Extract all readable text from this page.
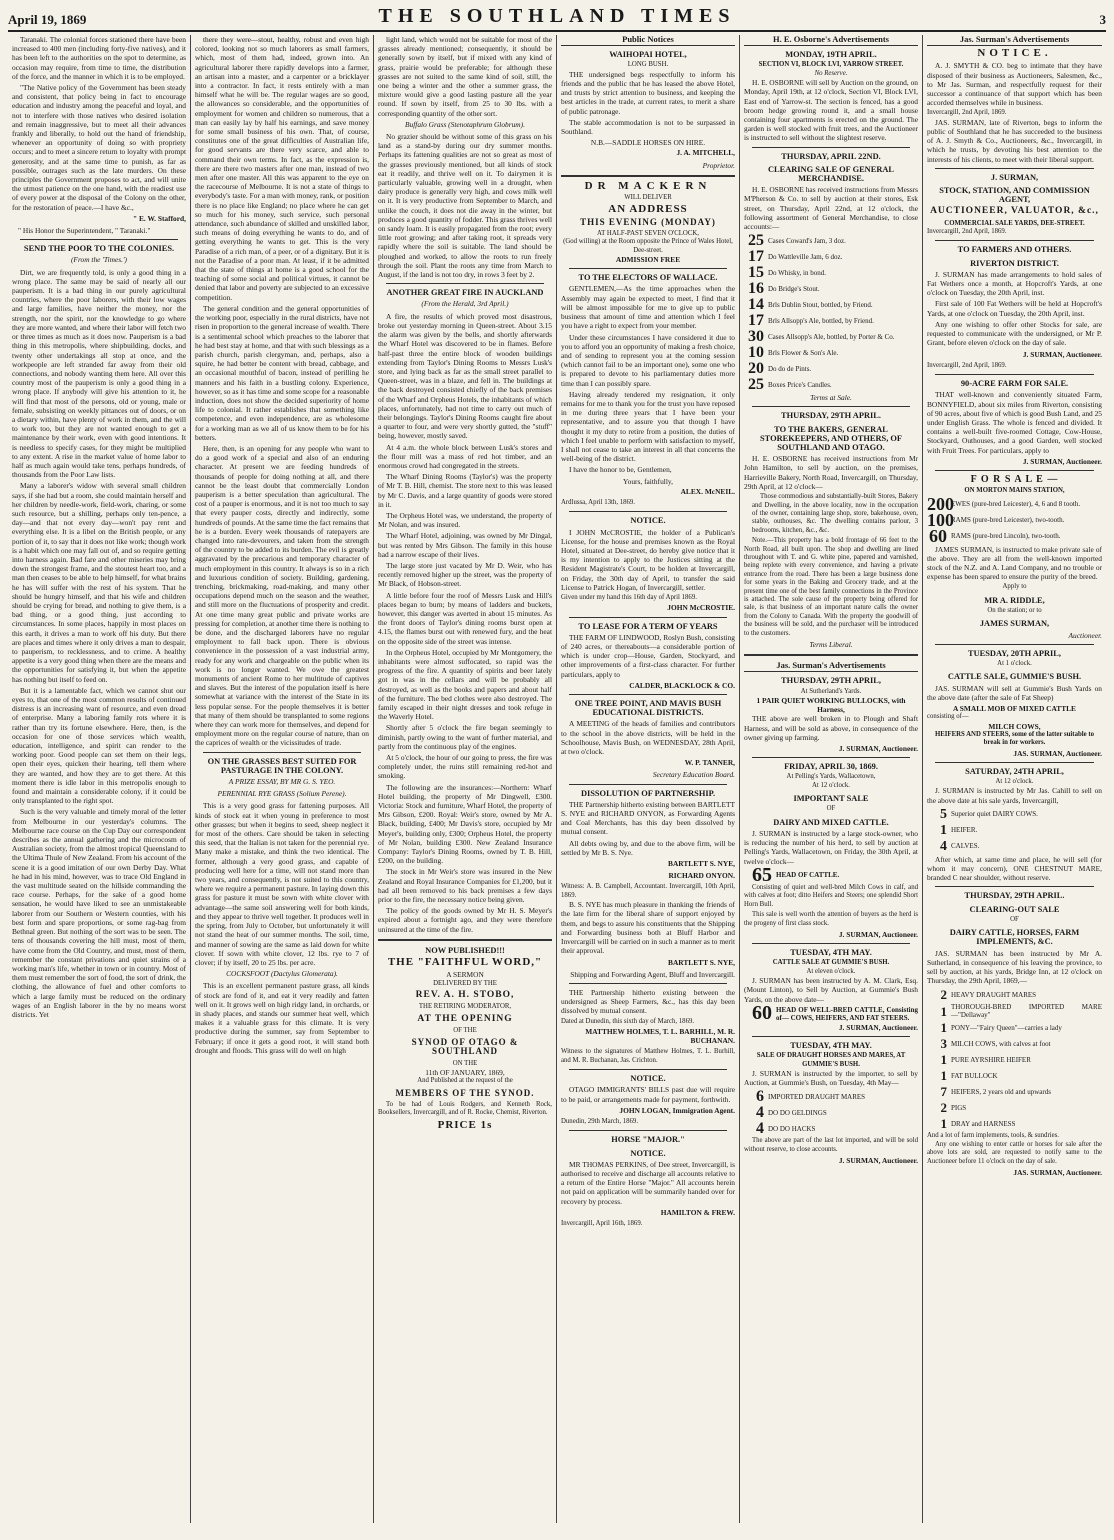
April 19, 1869	THE SOUTHLAND TIMES	3

Taranaki. The colonial forces stationed there have been increased to 400 men (including forty-five natives), and it has been left to the authorities on the spot to determine, as occasion may require, from time to time, the distribution of the force, and the manner in which it is to be employed.

"The Native policy of the Government has been steady and consistent, that policy being in fact to encourage education and industry among the peaceful and loyal, and not to interfere with those natives who desired isolation and remain inaggressive, but to meet all their advances frankly and liberally, to hold out the hand of friendship, whenever an opportunity of doing so with propriety occurs; and to meet a sincere return to loyalty with prompt generosity, and at the same time to punish, as far as possible, outrages such as the late murders. On these principles the Government proposes to act, and will unite the utmost patience on the one hand, with the readiest use of every power at the disposal of the Colony on the other, for the restoration of peace.—I have &c.,

" E. W. Stafford,
" His Honor the Superintendent, " Taranaki."
SEND THE POOR TO THE COLONIES.
(From the 'Times.')

Dirt, we are frequently told, is only a good thing in a wrong place. The same may be said of nearly all our pauperism. It is a bad thing in our purely agricultural countries, where the poor laborers, with their low wages and large families, have neither the money, nor the strength, nor the spirit, nor the knowledge to go where they are more wanted, and where their labor will fetch two or three times as much as it does now. Pauperism is a bad thing in this metropolis, where shipbuilding, docks, and twenty other undertakings all stop at once, and the workpeople are left stranded far away from their old connections, and nobody wanting them here. All over this country most of the pauperism is only a good thing in a wrong place. If anybody will give his attention to it, he will find that most of the persons, old or young, male or female, subsisting on weekly pittances out of doors, or on a dietary within, have plenty of work in them, and the will to work too, but they are not wanted enough to get a maintenance by their work, even with good intentions. It is needless to specify cases, for they might be multiplied to any extent. A rise in the market value of home labor to half as much again would take tens, perhaps hundreds, of thousands from the Poor Law lists.

Many a laborer's widow with several small children says, if she had but a room, she could maintain herself and her children by needle-work, field-work, charing, or some such resource, but a shilling, perhaps only ten-pence, a day—and that not every day—won't pay rent and everything else. It is a libel on the British people, or any portion of it, to say that it does not like work; though work is a habit which one may fall out of, and so require getting into harness again. Bad fare and other miseries may bring down the strongest frame, and the stoutest heart too, and a man then ceases to be able to help himself, for what brains he has will suffer with the rest of his system. That he should be hungry himself, and that his wife and children should be crying for bread, and nothing to give them, is a bad thing, or a good thing, just according to circumstances. In some places, happily in most places on this earth, it drives a man to work off his duty. But there are places and times where it only drives a man to despair, to pauperism, to recklessness, and to crime. A healthy appetite is a very good thing when there are the means and the opportunities for satisfying it, but when the appetite has nothing but itself to feed on.

But it is a lamentable fact, which we cannot shut our eyes to, that one of the most common results of continued distress is an increasing want of resource, and even dread of enterprise. Many a laboring family rots where it is rather than try its fortune elsewhere. Here, then, is the occasion for one of those services which wealth, education, intelligence, and spirit can render to the working poor. Good people can set them on their legs, open their eyes, quicken their hearing, tell them where they are wanted, and how they are to get there. At this moment there is idle labor in this metropolis enough to found and maintain a considerable colony, if it could be only transplanted to the right spot.

Such is the very valuable and timely moral of the letter from Melbourne in our yesterday's columns. The Melbourne race course on the Cup Day our correspondent describes as the annual gathering and the microcosm of Australian society, from the almost tropical Queensland to the Ultima Thule of New Zealand. From his account of the scene it is a good imitation of our own Derby Day. What he had in his mind, however, was to trace Old England in the vast multitude seated on the hillside commanding the race course. Perhaps, for the sake of a good home sensation, he would have liked to see an unmistakeable laborer from our Southern or Western counties, with his best form and spare proportions, or some rag-bag from Bethnal green. But nothing of the sort was to be seen. The tens of thousands covering the hill must, most of them, have come from the Old Country, and must, most of them, remember the constant privations and quiet strains of a working man's life, whether in town or in country. Most of them must remember the sort of food, the sort of drink, the clothing, the allowance of fuel and other comforts to which a large family must be reduced on the ordinary wages of an English laborer in the by no means worst districts. Yet

there they were—stout, healthy, robust and even high colored, looking not so much laborers as small farmers, which, most of them had, indeed, grown into. An agricultural laborer there rapidly develops into a farmer, an artisan into a master, and a carpenter or a bricklayer into a contractor. In fact, it rests entirely with a man himself what he will be. The regular wages are so good, the allowances so considerable, and the opportunities of employment for women and children so numerous, that a man can easily lay by half his earnings, and save money for some small business of his own. That, of course, constitutes one of the great difficulties of Australian life, for good servants are there very scarce, and able to command their own terms. In fact, as the expression is, there are there two masters after one man, instead of two men after one master. All this was apparent to the eye on the racecourse of Melbourne. It is not a state of things to everybody's taste. For a man with money, rank, or position there is no place like England; no place where he can get so much for his money, such service, such personal attendance, such abundance of skilled and unskilled labor, such means of doing everything he wants to do, and of getting everything he wants to get. This is the very Paradise of a rich man, of a peer, or of a dignitary. But it is not the Paradise of a poor man. At least, if it be admitted that the state of things at home is a good school for the teaching of some social and political virtues, it cannot be denied that labor and poverty are subjected to an excessive competition.

The general condition and the general opportunities of the working poor, especially in the rural districts, have not risen in proportion to the general increase of wealth. There is a sentimental school which preaches to the laborer that he had best stay at home, and that with such blessings as a parish church, parish clergyman, and, perhaps, also a squire, he had better be content with bread, cabbage, and an occasional mouthful of bacon, instead of perilling he manners and his faith in a bustling colony. Experience, however, so as it has time and some scope for a reasonable induction, does not show the decided superiority of home life to colonial. It rather establishes that something like competence, and even independence, are as wholesome for a working man as we all of us know them to be for his betters.

Here, then, is an opening for any people who want to do a good work of a special and also of an enduring character. At present we are feeding hundreds of thousands of people for doing nothing at all, and there cannot be the least doubt that commercially London pauperism is a better speculation than agricultural. The cost of a pauper is enormous, and it is not too much to say that every pauper costs, directly and indirectly, some hundreds of pounds. At the same time the fact remains that he is a burden. Every week thousands of ratepayers are changed into rate-devourers, and taken from the strength of the country to be added to its burden. The evil is greatly aggravated by the precarious and temporary character of much employment in this country. It always is so in a rich and luxurious condition of society. Building, gardening, trenching, brickmaking, road-making, and many other occupations depend much on the season and the weather, and still more on the fluctuations of prosperity and credit. At one time many great public and private works are pressing for completion, at another time there is nothing to be done, and the discharged laborers have no regular employment to fall back upon. There is obvious convenience in the possession of a vast industrial army, ready for any work and chargeable on the public when its work is no longer wanted. We owe the greatest monuments of ancient Rome to her multitude of captives and slaves. But the interest of the population itself is here somewhat at variance with the interest of the State in its less popular sense. For the people themselves it is better that many of them should be transplanted to some regions where they can work more for themselves, and depend for employment more on the regular course of nature, than on the caprices of wealth or the vicissitudes of trade.

ON THE GRASSES BEST SUITED FOR PASTURAGE IN THE COLONY.
A PRIZE ESSAY, BY MR G. S. YEO.
PERENNIAL RYE GRASS (Solium Perene).

This is a very good grass for fattening purposes. All kinds of stock eat it when young in preference to most other grasses; but when it begins to seed, sheep neglect it for most of the others. Care should be taken in selecting this seed, that the Italian is not taken for the perennial rye. Many make a mistake, and think the two identical. The former, although a very good grass, and capable of producing well here for a time, will not stand more than two years, and consequently, is not suited to this country, where we require a permanent pasture. In laying down this grass for pasture it must be sown with white clover with advantage—the same soil answering well for both kinds, and they appear to thrive well together. It produces well in the spring, from July to October, but unfortunately it will not stand the heat of our summer months. The soil, time, and manner of sowing are the same as laid down for white clover. If sown with white clover, 12 lbs. rye to 7 of clover; if by itself, 20 to 25 lbs. per acre.

COCKSFOOT (Dactylus Glomerata).

This is an excellent permanent pasture grass, all kinds of stock are fond of it, and eat it very readily and fatten well on it. It grows well on high ridgy land, in orchards, or in shady places, and stands our summer heat well, which makes it a valuable grass for this climate. It is very productive during the summer, say from September to February; if once it gets a good root, it will stand both drought and floods. This grass will do well on high

light land, which would not be suitable for most of the grasses already mentioned; consequently, it should be generally sown by itself, but if mixed with any kind of grass, prairie would be preferable; for although these grasses are not suited to the same kind of soil, still, the one being a winter and the other a summer grass, the mixture would give a good lasting pasture all the year round. If sown by itself, from 25 to 30 lbs. with a corresponding quantity of the other sort.

Buffalo Grass (Stenotaphrum Globrum).

No grazier should be without some of this grass on his land as a stand-by during our dry summer months. Perhaps its fattening qualities are not so great as most of the grasses previously mentioned, but all kinds of stock eat it readily, and thrive well on it. To dairymen it is particularly valuable, growing well in a drought, when dairy produce is generally very high, and cows milk well on it. It is very productive from September to March, and unlike the couch, it does not die away in the winter, but produces a good quantity of fodder. This grass thrives well on sandy loam. It is easily propagated from the root; every little root growing; and after taking root, it spreads very rapidly where the soil is suitable. The land should be ploughed and worked, to allow the roots to run freely through the soil. Plant the roots any time from March to August, if the land is not too dry, in rows 3 feet by 2.

ANOTHER GREAT FIRE IN AUCKLAND
(From the Herald, 3rd April.)

A fire, the results of which proved most disastrous, broke out yesterday morning in Queen-street. About 3.15 the alarm was given by the bells, and shortly afterwards the Wharf Hotel was discovered to be in flames. Before half-past three the entire block of wooden buildings extending from Taylor's Dining Rooms to Messrs Lusk's store, and lying back as far as the small street parallel to Queen-street, was in a blaze, and fell in. The buildings at the back destroyed consisted chiefly of the back premises of the Wharf and Orpheus Hotels, the inhabitants of which places, unfortunately, had not time to carry out much of their belongings. Taylor's Dining Rooms caught fire about a quarter to four, and were very shortly gutted, the "stuff" being, however, mostly saved.

At 4 a.m. the whole block between Lusk's stores and the flour mill was a mass of red hot timber, and an enormous crowd had congregated in the streets.

The Wharf Dining Rooms (Taylor's) was the property of Mr T. B. Hill, chemist. The store next to this was leased by Mr C. Davis, and a large quantity of goods were stored in it.

The Orpheus Hotel was, we understand, the property of Mr Nolan, and was insured.

The Wharf Hotel, adjoining, was owned by Mr Dingal, but was rented by Mrs Gibson. The family in this house had a narrow escape of their lives.

The large store just vacated by Mr D. Weir, who has recently removed higher up the street, was the property of Mr Black, of Hobson-street.

A little before four the roof of Messrs Lusk and Hill's places began to burn; by means of ladders and buckets, however, this danger was averted in about 15 minutes. As the front doors of Taylor's dining rooms burst open at 4.15, the flames burst out with renewed fury, and the heat on the opposite side of the street was intense.

In the Orpheus Hotel, occupied by Mr Montgomery, the inhabitants were almost suffocated, so rapid was the progress of the fire. A quantity of spirits and beer lately got in was in the cellars and will be probably all destroyed, as well as the books and papers and about half of the furniture. The bed clothes were also destroyed. The family escaped in their night dresses and took refuge in the Waverly Hotel.

Shortly after 5 o'clock the fire began seemingly to diminish, partly owing to the want of further material, and partly from the continuous play of the engines.

At 5 o'clock, the hour of our going to press, the fire was completely under, the ruins still remaining red-hot and smoking.

The following are the insurances:—Northern: Wharf Hotel building, the property of Mr Dingwell, £300. Victoria: Stock and furniture, Wharf Hotel, the property of Mrs Gibson, £200. Royal: Weir's store, owned by Mr A. Black, building, £400; Mr Davis's store, occupied by Mr Meyer's, building only, £300; Orpheus Hotel, the property of Mr Nolan, building £300. New Zealand Insurance Company: Taylor's Dining Rooms, owned by T. B. Hill, £200, on the building.

The stock in Mr Weir's store was insured in the New Zealand and Royal Insurance Companies for £1,200, but it had all been removed to his back premises a few days prior to the fire, the necessary notice being given.

The policy of the goods owned by Mr H. S. Meyer's expired about a fortnight ago, and they were therefore uninsured at the time of the fire.

NOW PUBLISHED!!!
THE "FAITHFUL WORD,"
A SERMON
DELIVERED BY THE
REV. A. H. STOBO,
THE RETIRING MODERATOR,
AT THE OPENING
OF THE
SYNOD OF OTAGO & SOUTHLAND
ON THE
11th OF JANUARY, 1869,
And Published at the request of the
MEMBERS OF THE SYNOD.

To be had of Louis Rodgers, and Kenneth Rock, Booksellers, Invercargill, and of R. Rocke, Chemist, Riverton.

PRICE 1s
Public Notices
WAIHOPAI HOTEL,
LONG BUSH.

THE undersigned begs respectfully to inform his friends and the public that he has leased the above Hotel, and trusts by strict attention to business, and keeping the best articles in the trade, at current rates, to merit a share of public patronage.

The stable accommodation is not to be surpassed in Southland.

N.B.—SADDLE HORSES ON HIRE.
J. A. MITCHELL,
Proprietor.
DR MACKERN
WILL DELIVER
AN ADDRESS
THIS EVENING (MONDAY)
AT HALF-PAST SEVEN O'CLOCK,
(God willing) at the Room opposite the Prince of Wales Hotel, Dee-street.
ADMISSION FREE
TO THE ELECTORS OF WALLACE.

GENTLEMEN,—As the time approaches when the Assembly may again be expected to meet, I find that it will be almost impossible for me to give up to public business that amount of time and attention which I feel you have a right to expect from your member.

Under these circumstances I have considered it due to you to afford you an opportunity of making a fresh choice, and of sending to represent you at the coming session (which cannot fail to be an important one), some one who is prepared to devote to his parliamentary duties more time than I can possibly spare.

Having already tendered my resignation, it only remains for me to thank you for the trust you have reposed in me during three years that I have been your representative, and to assure you that though I have thought it my duty to retire from a position, the duties of which I feel unable to perform with satisfaction to myself, I shall not cease to take an interest in all that concerns the well-being of the district.

I have the honor to be, Gentlemen,

Yours, faithfully,
ALEX. McNEIL.
Ardlussa, April 13th, 1869.
NOTICE.

I JOHN McCROSTIE, the holder of a Publican's License, for the house and premises known as the Royal Hotel, situated at Dee-street, do hereby give notice that it is my intention to apply to the Justices sitting at the Resident Magistrate's Court, to be holden at Invercargill, on Friday, the 30th day of April, to transfer the said License to Patrick Hogan, of Invercargill, settler.

Given under my hand this 16th day of April 1869.
JOHN McCROSTIE.
TO LEASE FOR A TERM OF YEARS

THE FARM OF LINDWOOD, Roslyn Bush, consisting of 240 acres, or thereabouts—a considerable portion of which is under crop—House, Garden, Stockyard, and other improvements of a first-class character. For further particulars, apply to

CALDER, BLACKLOCK & CO.
ONE TREE POINT, AND MAVIS BUSH EDUCATIONAL DISTRICTS.

A MEETING of the heads of families and contributors to the school in the above districts, will be held in the Schoolhouse, Mavis Bush, on WEDNESDAY, 28th April, at two o'clock.

W. P. TANNER,
Secretary Education Board.
DISSOLUTION OF PARTNERSHIP.

THE Partnership hitherto existing between BARTLETT S. NYE and RICHARD ONYON, as Forwarding Agents and Coal Merchants, has this day been dissolved by mutual consent.

All debts owing by, and due to the above firm, will be settled by Mr B. S. Nye.

BARTLETT S. NYE,
RICHARD ONYON.
Witness: A. B. Campbell, Accountant. Invercargill, 10th April, 1869.

B. S. NYE has much pleasure in thanking the friends of the late firm for the liberal share of support enjoyed by them, and begs to assure his constituents that the Shipping and Forwarding business both at Bluff Harbor and Invercargill will be carried on in such a manner as to merit their approval.

BARTLETT S. NYE,
Shipping and Forwarding Agent, Bluff and Invercargill.

THE Partnership hitherto existing between the undersigned as Sheep Farmers, &c., has this day been dissolved by mutual consent.

Dated at Dunedin, this sixth day of March, 1869.
MATTHEW HOLMES, T. L. BARHILL, M. R. BUCHANAN.
Witness to the signatures of Matthew Holmes, T. L. Burhill, and M. R. Buchanan, Jas. Crichton.
NOTICE.

OTAGO IMMIGRANTS' BILLS past due will require to be paid, or arrangements made for payment, forthwith.

JOHN LOGAN, Immigration Agent.
Dunedin, 29th March, 1869.
HORSE "MAJOR."
NOTICE.

MR THOMAS PERKINS, of Dee street, Invercargill, is authorised to receive and discharge all accounts relative to a return of the Entire Horse "Major." All accounts herein not paid on application will be summarily handed over for recovery by process.

HAMILTON & FREW.
Invercargill, April 16th, 1869.
H. E. Osborne's Advertisements
MONDAY, 19TH APRIL.
SECTION VI, BLOCK LVI, YARROW STREET.
No Reserve.

H. E. OSBORNE will sell by Auction on the ground, on Monday, April 19th, at 12 o'clock, Section VI, Block LVI, East end of Yarrow-st. The section is fenced, has a good broom hedge growing round it, and a small house containing four apartments is erected on the ground. The garden is well stocked with fruit trees, and the Auctioneer is instructed to sell without the slightest reserve.

THURSDAY, APRIL 22ND.
CLEARING SALE OF GENERAL MERCHANDISE.

H. E. OSBORNE has received instructions from Messrs M'Pherson & Co. to sell by auction at their stores, Esk street, on Thursday, April 22nd, at 12 o'clock, the following assortment of General Merchandise, to close accounts:—

25 Cases Coward's Jam, 3 doz.
17 Do Wattleville Jam, 6 doz.
15 Do Whisky, in bond.
16 Do Bridge's Stout.
14 Brls Dublin Stout, bottled, by Friend.
17 Brls Allsopp's Ale, bottled, by Friend.
30 Cases Allsopp's Ale, bottled, by Porter & Co.
10 Brls Flower & Son's Ale.
20 Do do de Pints.
25 Boxes Price's Candles.
Terms at Sale.
THURSDAY, 29TH APRIL.
TO THE BAKERS, GENERAL STOREKEEPERS, AND OTHERS, OF SOUTHLAND AND OTAGO.

H. E. OSBORNE has received instructions from Mr John Hamilton, to sell by auction, on the premises, Harrieville Bakery, North Road, Invercargill, on Thursday, 29th April, at 12 o'clock—

Those commodious and substantially-built Stores, Bakery and Dwelling, in the above locality, now in the occupation of the owner, containing large shop, store, bakehouse, oven, stable, outhouses, &c. The dwelling contains parlour, 3 bedrooms, kitchen, &c., &c.

Note.—This property has a bold frontage of 66 feet to the North Road, all built upon. The shop and dwelling are lined throughout with T. and G. white pine, papered and varnished, being replete with every convenience, and having a private entrance from the road. There has been a large business done for some years in the Baking and Grocery trade, and at the present time one of the best family connections in the Province is attached. The sole cause of the property being offered for sale, is that business of an important nature calls the owner from the Colony to Canada. With the property the goodwill of the business will be sold, and the purchaser will be introduced to the customers.

Terms Liberal.
Jas. Surman's Advertisements
THURSDAY, 29TH APRIL,
At Sutherland's Yards.
1 PAIR QUIET WORKING BULLOCKS, with Harness,

THE above are well broken in to Plough and Shaft Harness, and will be sold as above, in consequence of the owner giving up farming.

J. SURMAN, Auctioneer.
FRIDAY, APRIL 30, 1869.
At Pelling's Yards, Wallacetown,
At 12 o'clock.
IMPORTANT SALE
OF
DAIRY AND MIXED CATTLE.

J. SURMAN is instructed by a large stock-owner, who is reducing the number of his herd, to sell by auction at Pelling's Yards, Wallacetown, on Friday, the 30th April, at twelve o'clock—

65 HEAD OF CATTLE.

Consisting of quiet and well-bred Milch Cows in calf, and with calves at foot; ditto Heifers and Steers; one splendid Short Horn Bull.

This sale is well worth the attention of buyers as the herd is the progeny of first class stock.

J. SURMAN, Auctioneer.
TUESDAY, 4TH MAY.
CATTLE SALE AT GUMMIE'S BUSH.
At eleven o'clock.

J. SURMAN has been instructed by A. M. Clark, Esq. (Mount Linton), to Sell by Auction, at Gummie's Bush Yards, on the above date—

60 HEAD OF WELL-BRED CATTLE, Consisting of— COWS, HEIFERS, AND FAT STEERS.
J. SURMAN, Auctioneer.
TUESDAY, 4TH MAY.
SALE OF DRAUGHT HORSES AND MARES, AT GUMMIE'S BUSH.

J. SURMAN is instructed by the importer, to sell by Auction, at Gummie's Bush, on Tuesday, 4th May—

6 IMPORTED DRAUGHT MARES
4 DO DO GELDINGS
4 DO DO HACKS

The above are part of the last lot imported, and will be sold without reserve, to close accounts.

J. SURMAN, Auctioneer.
Jas. Surman's Advertisements
NOTICE.

A. J. SMYTH & CO. beg to intimate that they have disposed of their business as Auctioneers, Salesmen, &c., to Mr Jas. Surman, and respectfully request for their successor a continuance of that support which has been accorded themselves while in business.

Invercargill, 2nd April, 1869.

JAS. SURMAN, late of Riverton, begs to inform the public of Southland that he has succeeded to the business of A. J. Smyth & Co., Auctioneers, &c., Invercargill, in which he trusts, by devoting his best attention to the interests of his clients, to meet with their liberal support.

J. SURMAN,
STOCK, STATION, AND COMMISSION AGENT,
AUCTIONEER, VALUATOR, &c.,
COMMERCIAL SALE YARDS, DEE-STREET.
Invercargill, 2nd April, 1869.
TO FARMERS AND OTHERS.
RIVERTON DISTRICT.

J. SURMAN has made arrangements to hold sales of Fat Wethers once a month, at Hopcroft's Yards, at one o'clock on Tuesday, the 20th April, inst.

First sale of 100 Fat Wethers will be held at Hopcroft's Yards, at one o'clock on Tuesday, the 20th April, inst.

Any one wishing to offer other Stocks for sale, are requested to communicate with the undersigned, or Mr P. Grant, before eleven o'clock on the day of sale.

J. SURMAN, Auctioneer.
Invercargill, 2nd April, 1869.
90-ACRE FARM FOR SALE.

THAT well-known and conveniently situated Farm, BONNYFIELD, about six miles from Riverton, consisting of 90 acres, about five of which is good Bush Land, and 25 under English Grass. The whole is fenced and divided. It contains a well-built five-roomed Cottage, Cow-House, Stockyard, Outhouses, and a good Garden, well stocked with Fruit Trees. For particulars, apply to

J. SURMAN, Auctioneer.
F O R S A L E —
ON MORTON MAINS STATION,
200
EWES (pure-bred Leicester), 4, 6 and 8 tooth.
100
RAMS (pure-bred Leicester), two-tooth.
60 RAMS (pure-bred Lincoln), two-tooth.

JAMES SURMAN, is instructed to make private sale of the above. They are all from the well-known imported stock of the N.Z. and A. Land Company, and no trouble or expense has been spared to ensure the purity of the breed.

Apply to
MR A. RIDDLE,
On the station; or to
JAMES SURMAN,
Auctioneer.
TUESDAY, 20TH APRIL,
At 1 o'clock.
CATTLE SALE, GUMMIE'S BUSH.

JAS. SURMAN will sell at Gummie's Bush Yards on the above date (after the sale of Fat Sheep)

A SMALL MOB OF MIXED CATTLE
consisting of—
MILCH COWS,
HEIFERS AND STEERS, some of the latter suitable to break in for workers.
JAS. SURMAN, Auctioneer.
SATURDAY, 24TH APRIL,
At 12 o'clock.

J. SURMAN is instructed by Mr Jas. Cahill to sell on the above date at his sale yards, Invercargill,

5 Superior quiet DAIRY COWS.
1 HEIFER.
4 CALVES.

After which, at same time and place, he will sell (for whom it may concern), ONE CHESTNUT MARE, branded C near shoulder, without reserve.

THURSDAY, 29TH APRIL.
CLEARING-OUT SALE
OF
DAIRY CATTLE, HORSES, FARM IMPLEMENTS, &C.

JAS. SURMAN has been instructed by Mr A. Sutherland, in consequence of his leaving the province, to sell by auction, at his yards, Bridge Inn, at 12 o'clock on Thursday, the 29th April, 1869,—

2 HEAVY DRAUGHT MARES
1 THOROUGH-BRED IMPORTED MARE—"Dellaway"
1 PONY—"Fairy Queen"—carries a lady
3 MILCH COWS, with calves at foot
1 PURE AYRSHIRE HEIFER
1 FAT BULLOCK
7 HEIFERS, 2 years old and upwards
2 PIGS
1 DRAY and HARNESS
And a lot of farm implements, tools, & sundries.

Any one wishing to enter cattle or horses for sale after the above lots are sold, are requested to notify same to the Auctioneer before 11 o'clock on the day of sale.

JAS. SURMAN, Auctioneer.
